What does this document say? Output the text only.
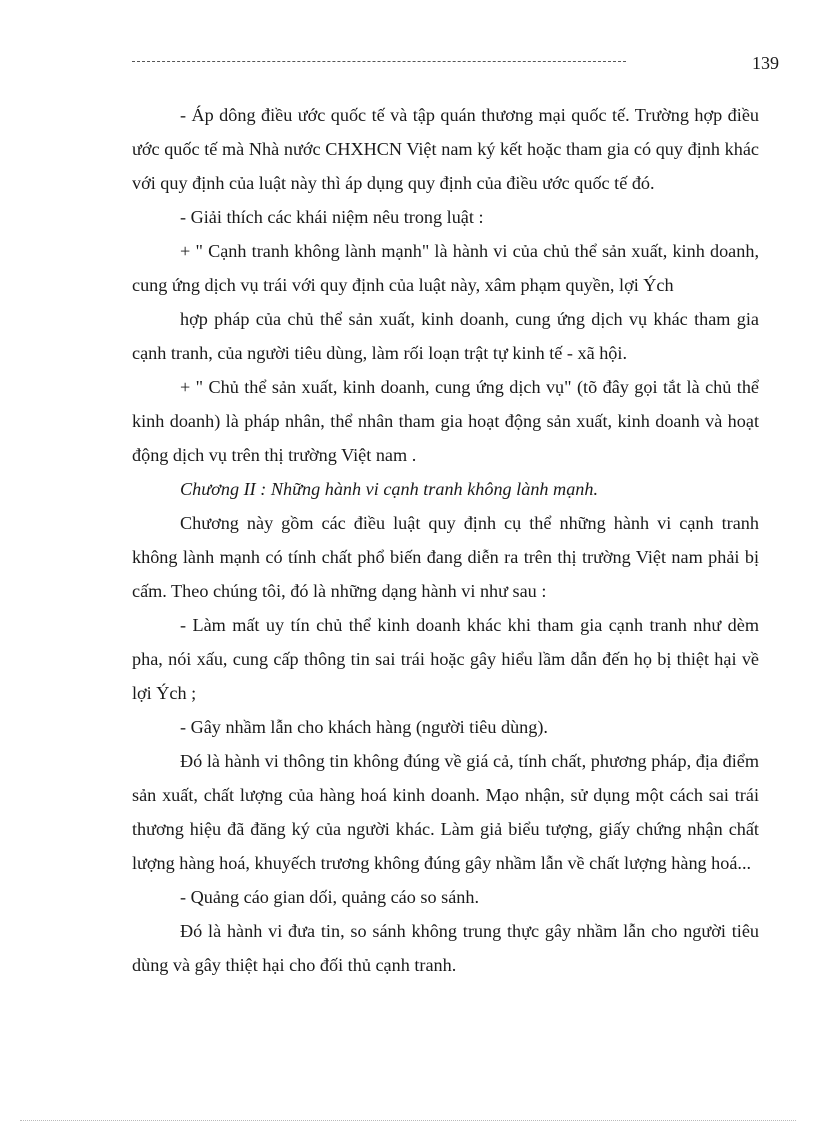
139

- Áp dông điều ước quốc tế và tập quán thương mại quốc tế. Trường hợp điều ước quốc tế mà Nhà nước CHXHCN Việt nam ký kết hoặc tham gia có quy định khác với quy định của luật này thì áp dụng quy định của điều ước quốc tế đó.

- Giải thích các khái niệm nêu trong luật :

+ " Cạnh tranh không lành mạnh" là hành vi của chủ thể sản xuất, kinh doanh, cung ứng dịch vụ trái với quy định của luật này, xâm phạm quyền, lợi Ých

hợp pháp của chủ thể sản xuất, kinh doanh, cung ứng dịch vụ khác tham gia cạnh tranh, của người tiêu dùng, làm rối loạn trật tự kinh tế - xã hội.

+ " Chủ thể sản xuất, kinh doanh, cung ứng dịch vụ" (tõ đây gọi tắt là chủ thể kinh doanh) là pháp nhân, thể nhân tham gia hoạt động sản xuất, kinh doanh và hoạt động dịch vụ trên thị trường Việt nam .

Chương II : Những hành vi cạnh tranh không lành mạnh.

Chương này gồm các điều luật quy định cụ thể những hành vi cạnh tranh không lành mạnh có tính chất phổ biến đang diễn ra trên thị trường Việt nam phải bị cấm. Theo chúng tôi, đó là những dạng hành vi như sau :

- Làm mất uy tín chủ thể kinh doanh khác khi tham gia cạnh tranh như dèm pha, nói xấu, cung cấp thông tin sai trái hoặc gây hiểu lầm dẫn đến họ bị thiệt hại về lợi Ých ;

- Gây nhầm lẫn cho khách hàng (người tiêu dùng).

Đó là hành vi thông tin không đúng về giá cả, tính chất, phương pháp, địa điểm sản xuất, chất lượng của hàng hoá kinh doanh. Mạo nhận, sử dụng một cách sai trái thương hiệu đã đăng ký của người khác. Làm giả biểu tượng, giấy chứng nhận chất lượng hàng hoá, khuyếch trương không đúng gây nhầm lẫn về chất lượng hàng hoá...

- Quảng cáo gian dối, quảng cáo so sánh.

Đó là hành vi đưa tin, so sánh không trung thực gây nhầm lẫn cho người tiêu dùng và gây thiệt hại cho đối thủ cạnh tranh.
